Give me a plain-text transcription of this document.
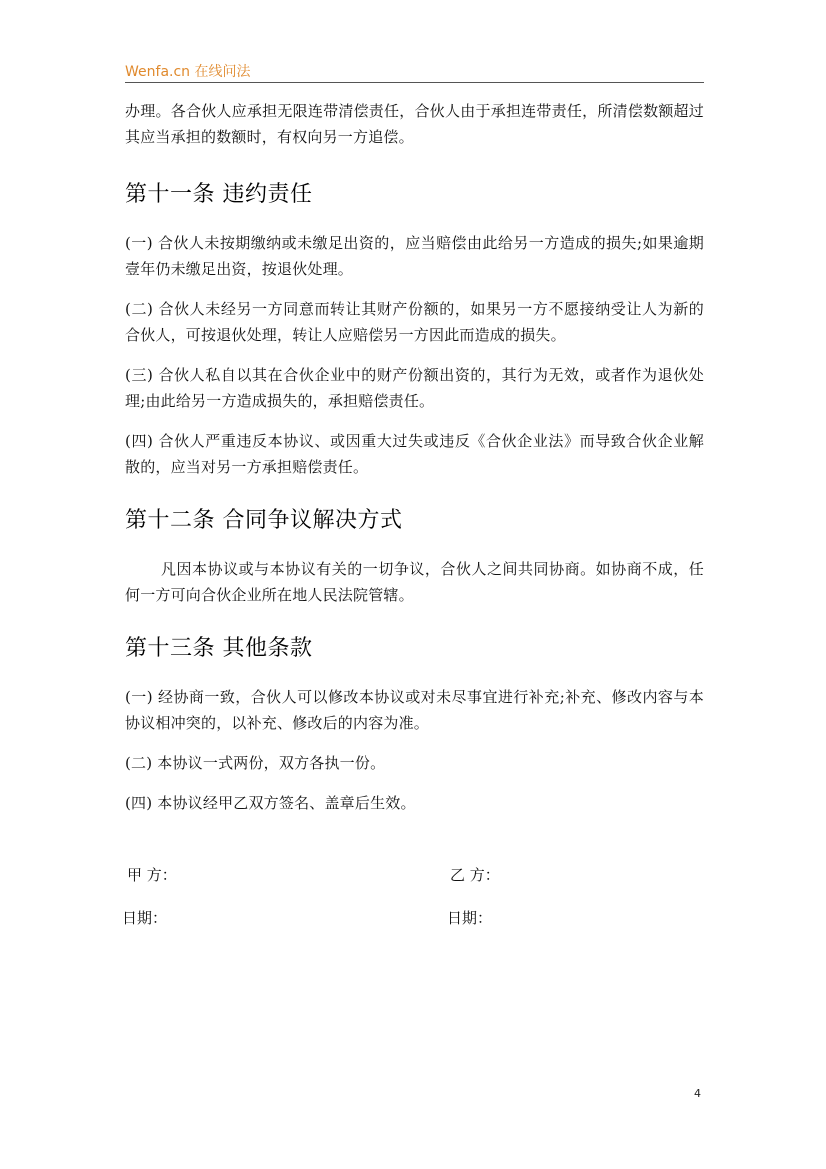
Wenfa.cn 在线问法

办理。各合伙人应承担无限连带清偿责任，合伙人由于承担连带责任，所清偿数额超过其应当承担的数额时，有权向另一方追偿。

第十一条 违约责任

(一) 合伙人未按期缴纳或未缴足出资的，应当赔偿由此给另一方造成的损失;如果逾期壹年仍未缴足出资，按退伙处理。

(二) 合伙人未经另一方同意而转让其财产份额的，如果另一方不愿接纳受让人为新的合伙人，可按退伙处理，转让人应赔偿另一方因此而造成的损失。

(三) 合伙人私自以其在合伙企业中的财产份额出资的，其行为无效，或者作为退伙处理;由此给另一方造成损失的，承担赔偿责任。

(四) 合伙人严重违反本协议、或因重大过失或违反《合伙企业法》而导致合伙企业解散的，应当对另一方承担赔偿责任。

第十二条 合同争议解决方式

凡因本协议或与本协议有关的一切争议，合伙人之间共同协商。如协商不成，任何一方可向合伙企业所在地人民法院管辖。

第十三条 其他条款

(一) 经协商一致，合伙人可以修改本协议或对未尽事宜进行补充;补充、修改内容与本协议相冲突的，以补充、修改后的内容为准。

(二) 本协议一式两份，双方各执一份。

(四) 本协议经甲乙双方签名、盖章后生效。

甲 方：	乙 方：
日期：	日期：
4
